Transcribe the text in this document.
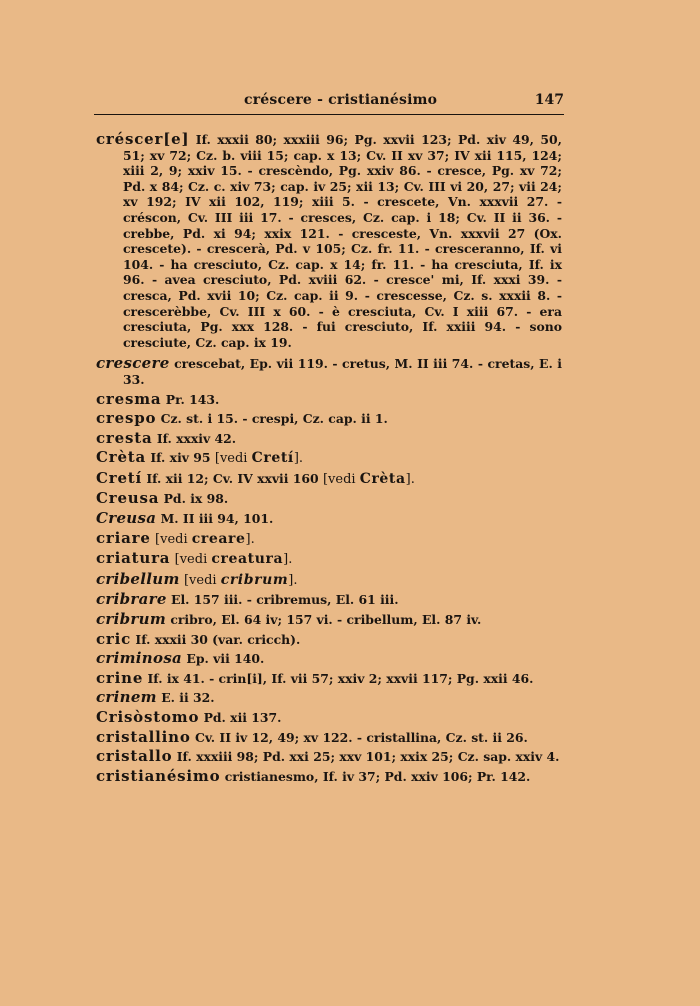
créscere - cristianésimo	147

créscer[e] If. xxxii 80; xxxiii 96; Pg. xxvii 123; Pd. xiv 49, 50, 51; xv 72; Cz. b. viii 15; cap. x 13; Cv. II xv 37; IV xii 115, 124; xiii 2, 9; xxiv 15. - crescèndo, Pg. xxiv 86. - cresce, Pg. xv 72; Pd. x 84; Cz. c. xiv 73; cap. iv 25; xii 13; Cv. III vi 20, 27; vii 24; xv 192; IV xii 102, 119; xiii 5. - crescete, Vn. xxxvii 27. - créscon, Cv. III iii 17. - cresces, Cz. cap. i 18; Cv. II ii 36. - crebbe, Pd. xi 94; xxix 121. - cresceste, Vn. xxxvii 27 (Ox. crescete). - crescerà, Pd. v 105; Cz. fr. 11. - cresceranno, If. vi 104. - ha cresciuto, Cz. cap. x 14; fr. 11. - ha cresciuta, If. ix 96. - avea cresciuto, Pd. xviii 62. - cresce' mi, If. xxxi 39. - cresca, Pd. xvii 10; Cz. cap. ii 9. - crescesse, Cz. s. xxxii 8. - crescerèbbe, Cv. III x 60. - è cresciuta, Cv. I xiii 67. - era cresciuta, Pg. xxx 128. - fui cresciuto, If. xxiii 94. - sono cresciute, Cz. cap. ix 19.

crescere crescebat, Ep. vii 119. - cretus, M. II iii 74. - cretas, E. i 33.

cresma Pr. 143.

crespo Cz. st. i 15. - crespi, Cz. cap. ii 1.

cresta If. xxxiv 42.

Crèta If. xiv 95 [vedi Cretí].

Cretí If. xii 12; Cv. IV xxvii 160 [vedi Crèta].

Creusa Pd. ix 98.

Creusa M. II iii 94, 101.

criare [vedi creare].

criatura [vedi creatura].

cribellum [vedi cribrum].

cribrare El. 157 iii. - cribremus, El. 61 iii.

cribrum cribro, El. 64 iv; 157 vi. - cribellum, El. 87 iv.

cric If. xxxii 30 (var. cricch).

criminosa Ep. vii 140.

crine If. ix 41. - crin[i], If. vii 57; xxiv 2; xxvii 117; Pg. xxii 46.

crinem E. ii 32.

Crisòstomo Pd. xii 137.

cristallino Cv. II iv 12, 49; xv 122. - cristallina, Cz. st. ii 26.

cristallo If. xxxiii 98; Pd. xxi 25; xxv 101; xxix 25; Cz. sap. xxiv 4.

cristianésimo cristianesmo, If. iv 37; Pd. xxiv 106; Pr. 142.
